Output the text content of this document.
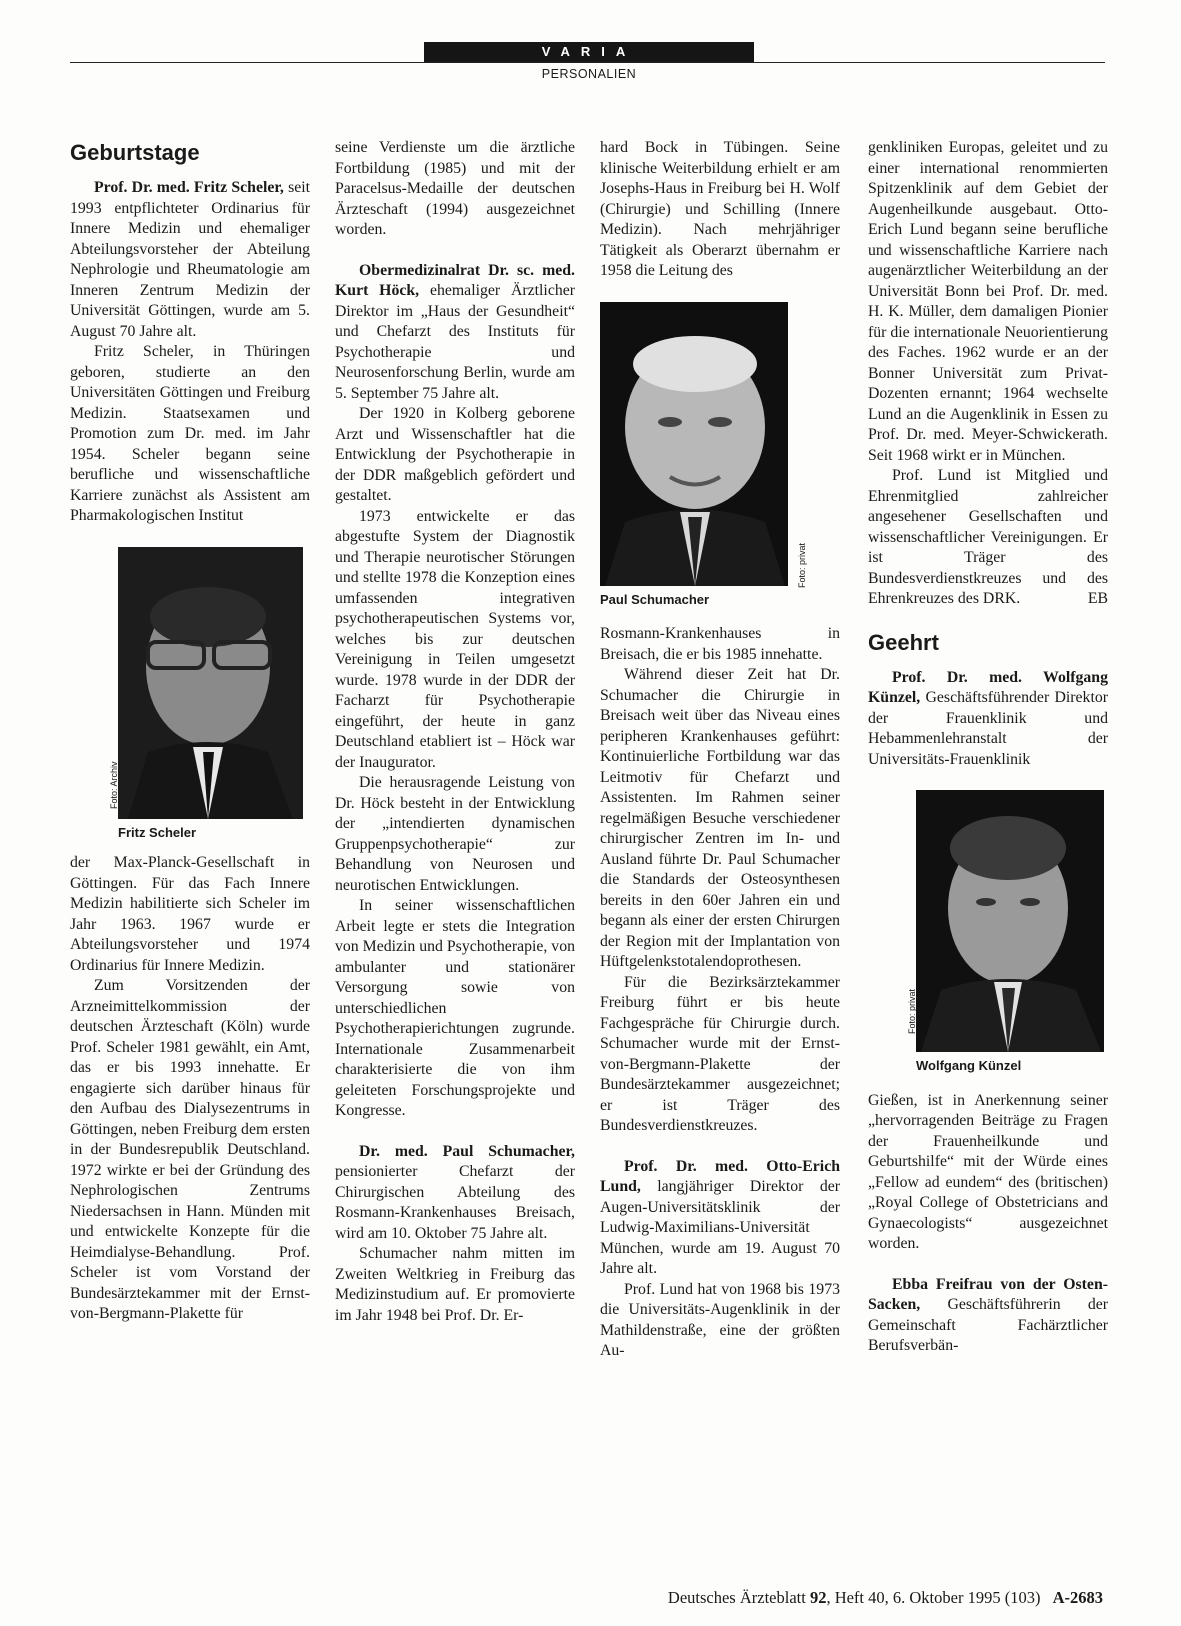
VARIA
PERSONALIEN
Geburtstage

Prof. Dr. med. Fritz Scheler, seit 1993 entpflichteter Ordinarius für Innere Medizin und ehemaliger Abteilungsvorsteher der Abteilung Nephrologie und Rheumatologie am Inneren Zentrum Medizin der Universität Göttingen, wurde am 5. August 70 Jahre alt.

Fritz Scheler, in Thüringen geboren, studierte an den Universitäten Göttingen und Freiburg Medizin. Staatsexamen und Promotion zum Dr. med. im Jahr 1954. Scheler begann seine berufliche und wissenschaftliche Karriere zunächst als Assistent am Pharmakologischen Institut

Foto: Archiv
Fritz Scheler

der Max-Planck-Gesellschaft in Göttingen. Für das Fach Innere Medizin habilitierte sich Scheler im Jahr 1963. 1967 wurde er Abteilungsvorsteher und 1974 Ordinarius für Innere Medizin.

Zum Vorsitzenden der Arzneimittelkommission der deutschen Ärzteschaft (Köln) wurde Prof. Scheler 1981 gewählt, ein Amt, das er bis 1993 innehatte. Er engagierte sich darüber hinaus für den Aufbau des Dialysezentrums in Göttingen, neben Freiburg dem ersten in der Bundesrepublik Deutschland. 1972 wirkte er bei der Gründung des Nephrologischen Zentrums Niedersachsen in Hann. Münden mit und entwickelte Konzepte für die Heimdialyse-Behandlung. Prof. Scheler ist vom Vorstand der Bundesärztekammer mit der Ernst-von-Bergmann-Plakette für

seine Verdienste um die ärztliche Fortbildung (1985) und mit der Paracelsus-Medaille der deutschen Ärzteschaft (1994) ausgezeichnet worden.

Obermedizinalrat Dr. sc. med. Kurt Höck, ehemaliger Ärztlicher Direktor im „Haus der Gesundheit“ und Chefarzt des Instituts für Psychotherapie und Neurosenforschung Berlin, wurde am 5. September 75 Jahre alt.

Der 1920 in Kolberg geborene Arzt und Wissenschaftler hat die Entwicklung der Psychotherapie in der DDR maßgeblich gefördert und gestaltet.

1973 entwickelte er das abgestufte System der Diagnostik und Therapie neurotischer Störungen und stellte 1978 die Konzeption eines umfassenden integrativen psychotherapeutischen Systems vor, welches bis zur deutschen Vereinigung in Teilen umgesetzt wurde. 1978 wurde in der DDR der Facharzt für Psychotherapie eingeführt, der heute in ganz Deutschland etabliert ist – Höck war der Inaugurator.

Die herausragende Leistung von Dr. Höck besteht in der Entwicklung der „intendierten dynamischen Gruppenpsychotherapie“ zur Behandlung von Neurosen und neurotischen Entwicklungen.

In seiner wissenschaftlichen Arbeit legte er stets die Integration von Medizin und Psychotherapie, von ambulanter und stationärer Versorgung sowie von unterschiedlichen Psychotherapierichtungen zugrunde. Internationale Zusammenarbeit charakterisierte die von ihm geleiteten Forschungsprojekte und Kongresse.

Dr. med. Paul Schumacher, pensionierter Chefarzt der Chirurgischen Abteilung des Rosmann-Krankenhauses Breisach, wird am 10. Oktober 75 Jahre alt.

Schumacher nahm mitten im Zweiten Weltkrieg in Freiburg das Medizinstudium auf. Er promovierte im Jahr 1948 bei Prof. Dr. Er-

hard Bock in Tübingen. Seine klinische Weiterbildung erhielt er am Josephs-Haus in Freiburg bei H. Wolf (Chirurgie) und Schilling (Innere Medizin). Nach mehrjähriger Tätigkeit als Oberarzt übernahm er 1958 die Leitung des

Foto: privat
Paul Schumacher

Rosmann-Krankenhauses in Breisach, die er bis 1985 innehatte.

Während dieser Zeit hat Dr. Schumacher die Chirurgie in Breisach weit über das Niveau eines peripheren Krankenhauses geführt: Kontinuierliche Fortbildung war das Leitmotiv für Chefarzt und Assistenten. Im Rahmen seiner regelmäßigen Besuche verschiedener chirurgischer Zentren im In- und Ausland führte Dr. Paul Schumacher die Standards der Osteosynthesen bereits in den 60er Jahren ein und begann als einer der ersten Chirurgen der Region mit der Implantation von Hüftgelenkstotalendoprothesen.

Für die Bezirksärztekammer Freiburg führt er bis heute Fachgespräche für Chirurgie durch. Schumacher wurde mit der Ernst-von-Bergmann-Plakette der Bundesärztekammer ausgezeichnet; er ist Träger des Bundesverdienstkreuzes.

Prof. Dr. med. Otto-Erich Lund, langjähriger Direktor der Augen-Universitätsklinik der Ludwig-Maximilians-Universität München, wurde am 19. August 70 Jahre alt.

Prof. Lund hat von 1968 bis 1973 die Universitäts-Augenklinik in der Mathildenstraße, eine der größten Au-

genkliniken Europas, geleitet und zu einer international renommierten Spitzenklinik auf dem Gebiet der Augenheilkunde ausgebaut. Otto-Erich Lund begann seine berufliche und wissenschaftliche Karriere nach augenärztlicher Weiterbildung an der Universität Bonn bei Prof. Dr. med. H. K. Müller, dem damaligen Pionier für die internationale Neuorientierung des Faches. 1962 wurde er an der Bonner Universität zum Privat-Dozenten ernannt; 1964 wechselte Lund an die Augenklinik in Essen zu Prof. Dr. med. Meyer-Schwickerath. Seit 1968 wirkt er in München.

Prof. Lund ist Mitglied und Ehrenmitglied zahlreicher angesehener Gesellschaften und wissenschaftlicher Vereinigungen. Er ist Träger des Bundesverdienstkreuzes und des Ehrenkreuzes des DRK.	EB

Geehrt

Prof. Dr. med. Wolfgang Künzel, Geschäftsführender Direktor der Frauenklinik und Hebammenlehranstalt der Universitäts-Frauenklinik

Foto: privat
Wolfgang Künzel

Gießen, ist in Anerkennung seiner „hervorragenden Beiträge zu Fragen der Frauenheilkunde und Geburtshilfe“ mit der Würde eines „Fellow ad eundem“ des (britischen) „Royal College of Obstetricians and Gynaecologists“ ausgezeichnet worden.

Ebba Freifrau von der Osten-Sacken, Geschäftsführerin der Gemeinschaft Fachärztlicher Berufsverbän-

Deutsches Ärzteblatt 92, Heft 40, 6. Oktober 1995 (103) A-2683
